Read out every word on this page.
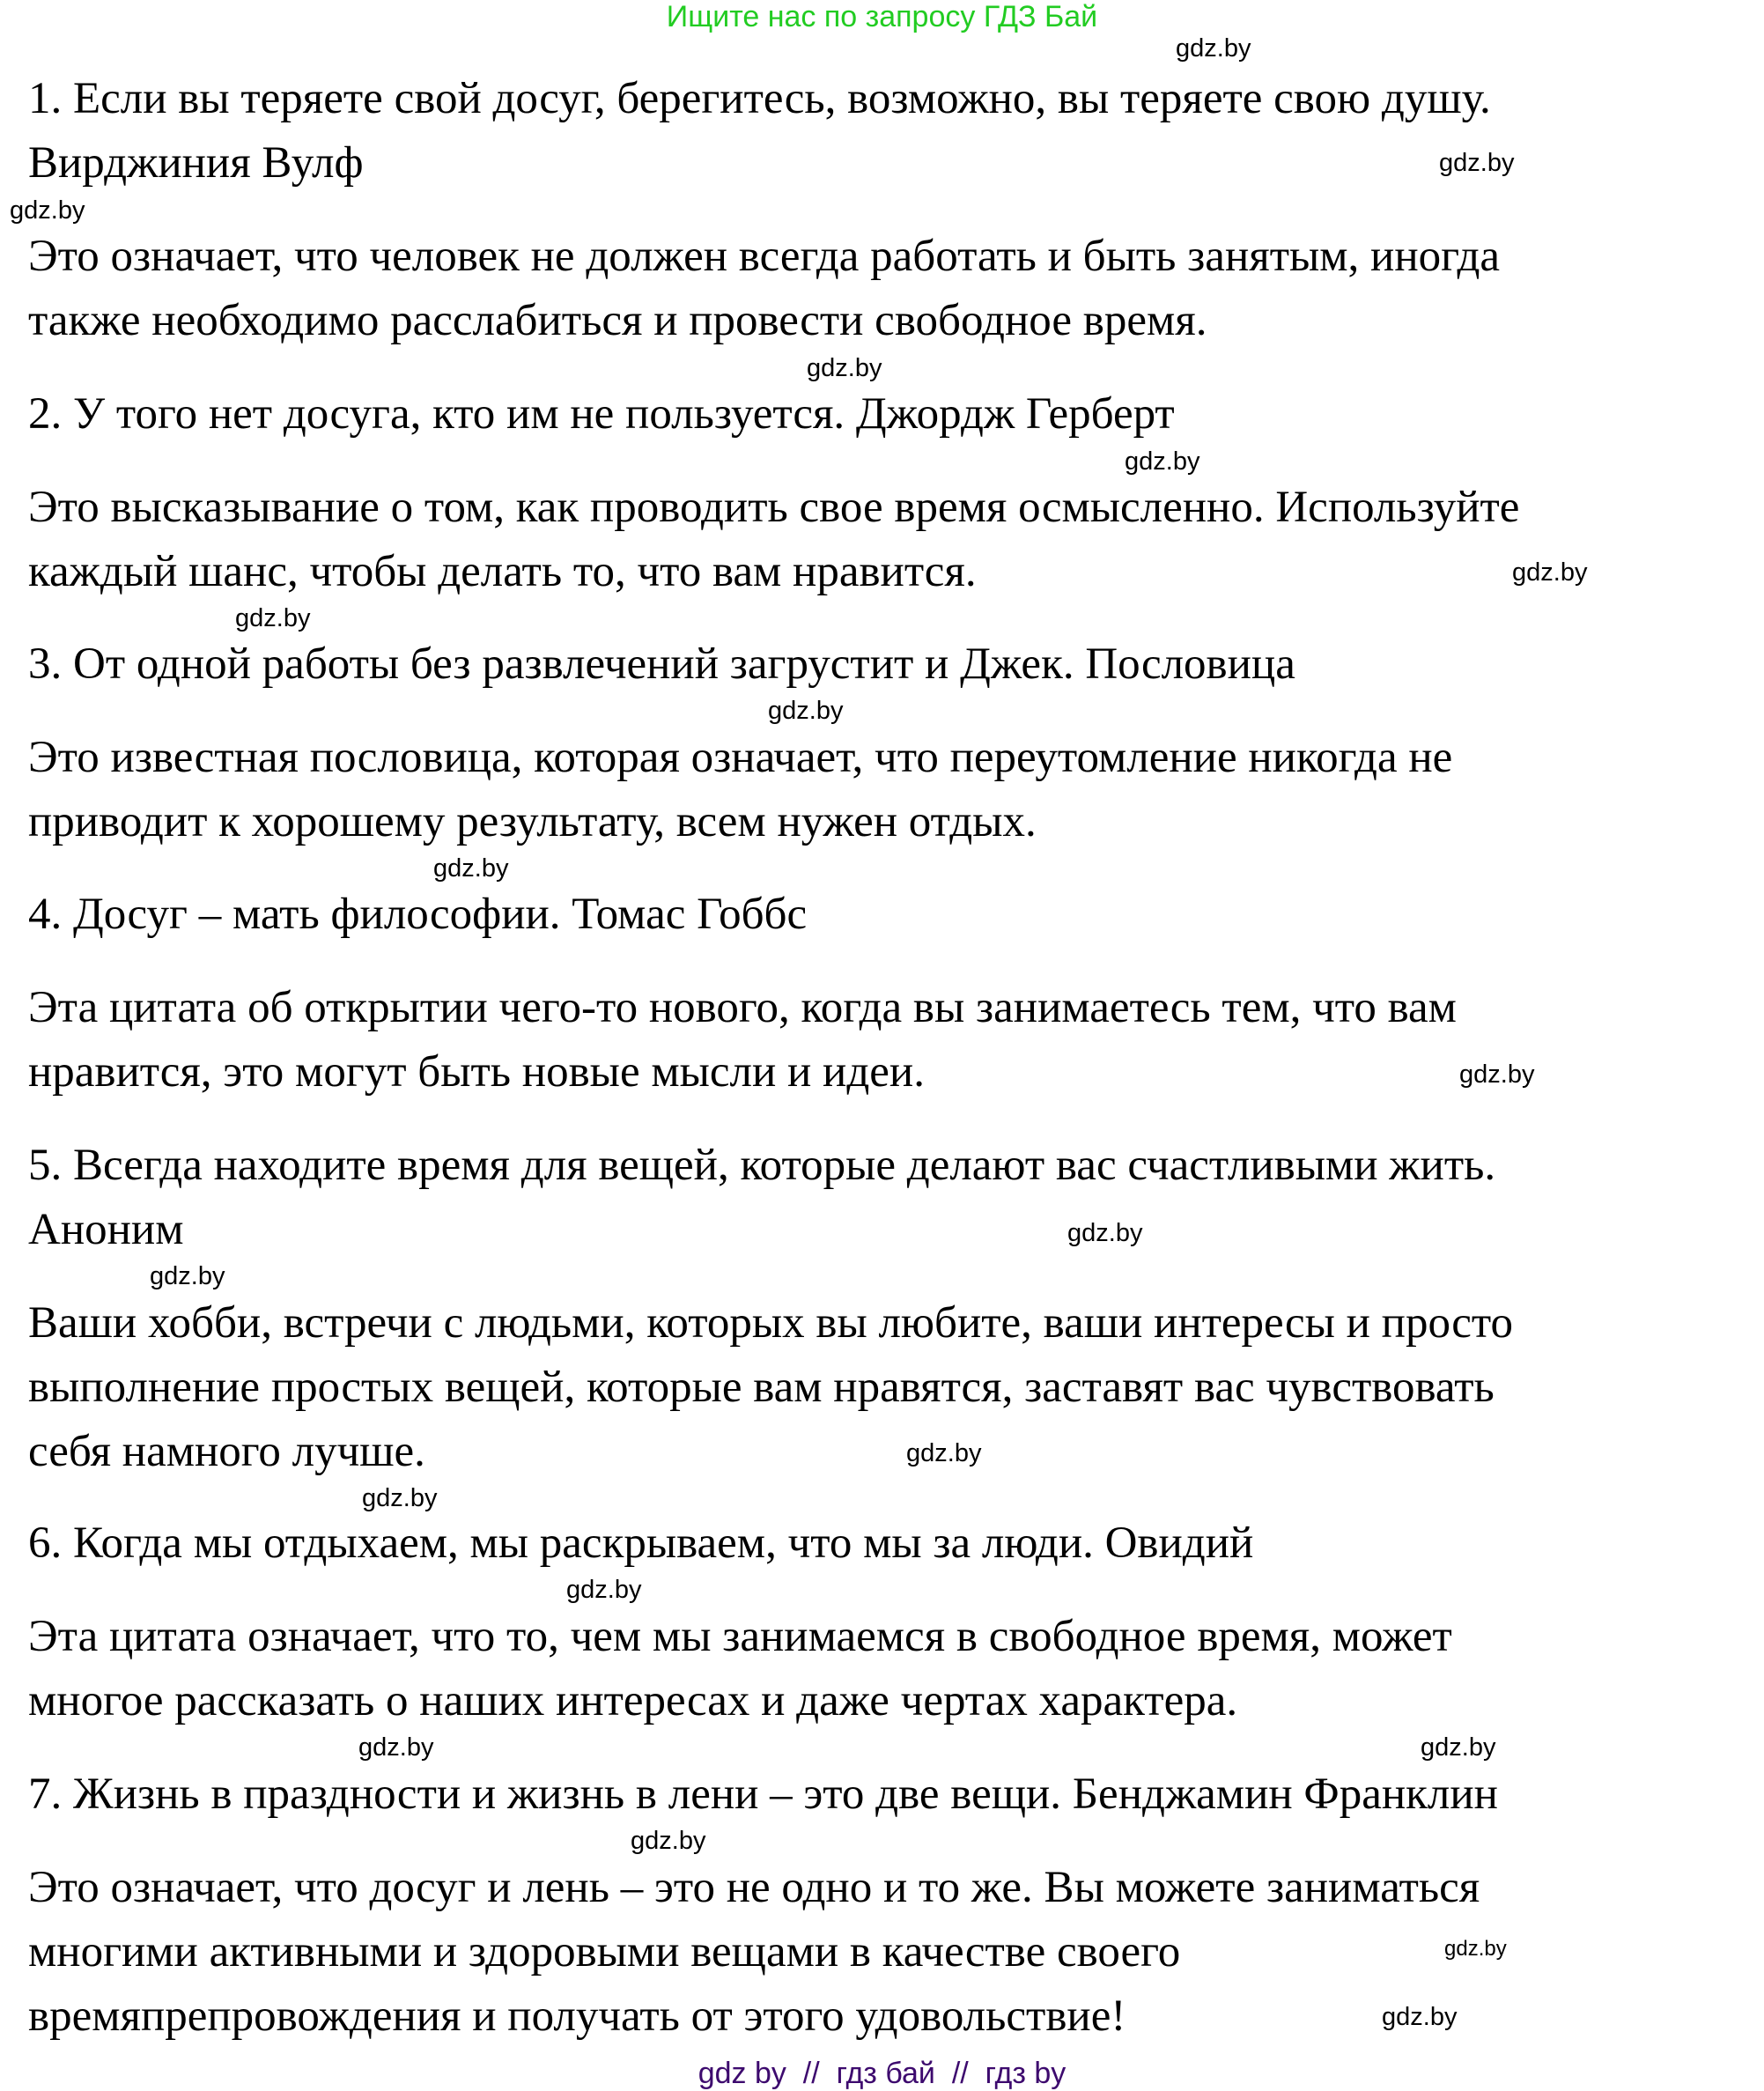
Ищите нас по запросу ГДЗ Бай
1. Если вы теряете свой досуг, берегитесь, возможно, вы теряете свою душу.
Вирджиния Вулф
Это означает, что человек не должен всегда работать и быть занятым, иногда
также необходимо расслабиться и провести свободное время.
2. У того нет досуга, кто им не пользуется. Джордж Герберт
Это высказывание о том, как проводить свое время осмысленно. Используйте
каждый шанс, чтобы делать то, что вам нравится.
3. От одной работы без развлечений загрустит и Джек. Пословица
Это известная пословица, которая означает, что переутомление никогда не
приводит к хорошему результату, всем нужен отдых.
4. Досуг – мать философии. Томас Гоббс
Эта цитата об открытии чего-то нового, когда вы занимаетесь тем, что вам
нравится, это могут быть новые мысли и идеи.
5. Всегда находите время для вещей, которые делают вас счастливыми жить.
Аноним
Ваши хобби, встречи с людьми, которых вы любите, ваши интересы и просто
выполнение простых вещей, которые вам нравятся, заставят вас чувствовать
себя намного лучше.
6. Когда мы отдыхаем, мы раскрываем, что мы за люди. Овидий
Эта цитата означает, что то, чем мы занимаемся в свободное время, может
многое рассказать о наших интересах и даже чертах характера.
7. Жизнь в праздности и жизнь в лени – это две вещи. Бенджамин Франклин
Это означает, что досуг и лень – это не одно и то же. Вы можете заниматься
многими активными и здоровыми вещами в качестве своего
времяпрепровождения и получать от этого удовольствие!
gdz.by
gdz.by
gdz.by
gdz.by
gdz.by
gdz.by
gdz.by
gdz.by
gdz.by
gdz.by
gdz.by
gdz.by
gdz.by
gdz.by
gdz.by
gdz.by
gdz.by
gdz.by
gdz.by
gdz.by
gdz by  //  гдз бай  //  гдз by
